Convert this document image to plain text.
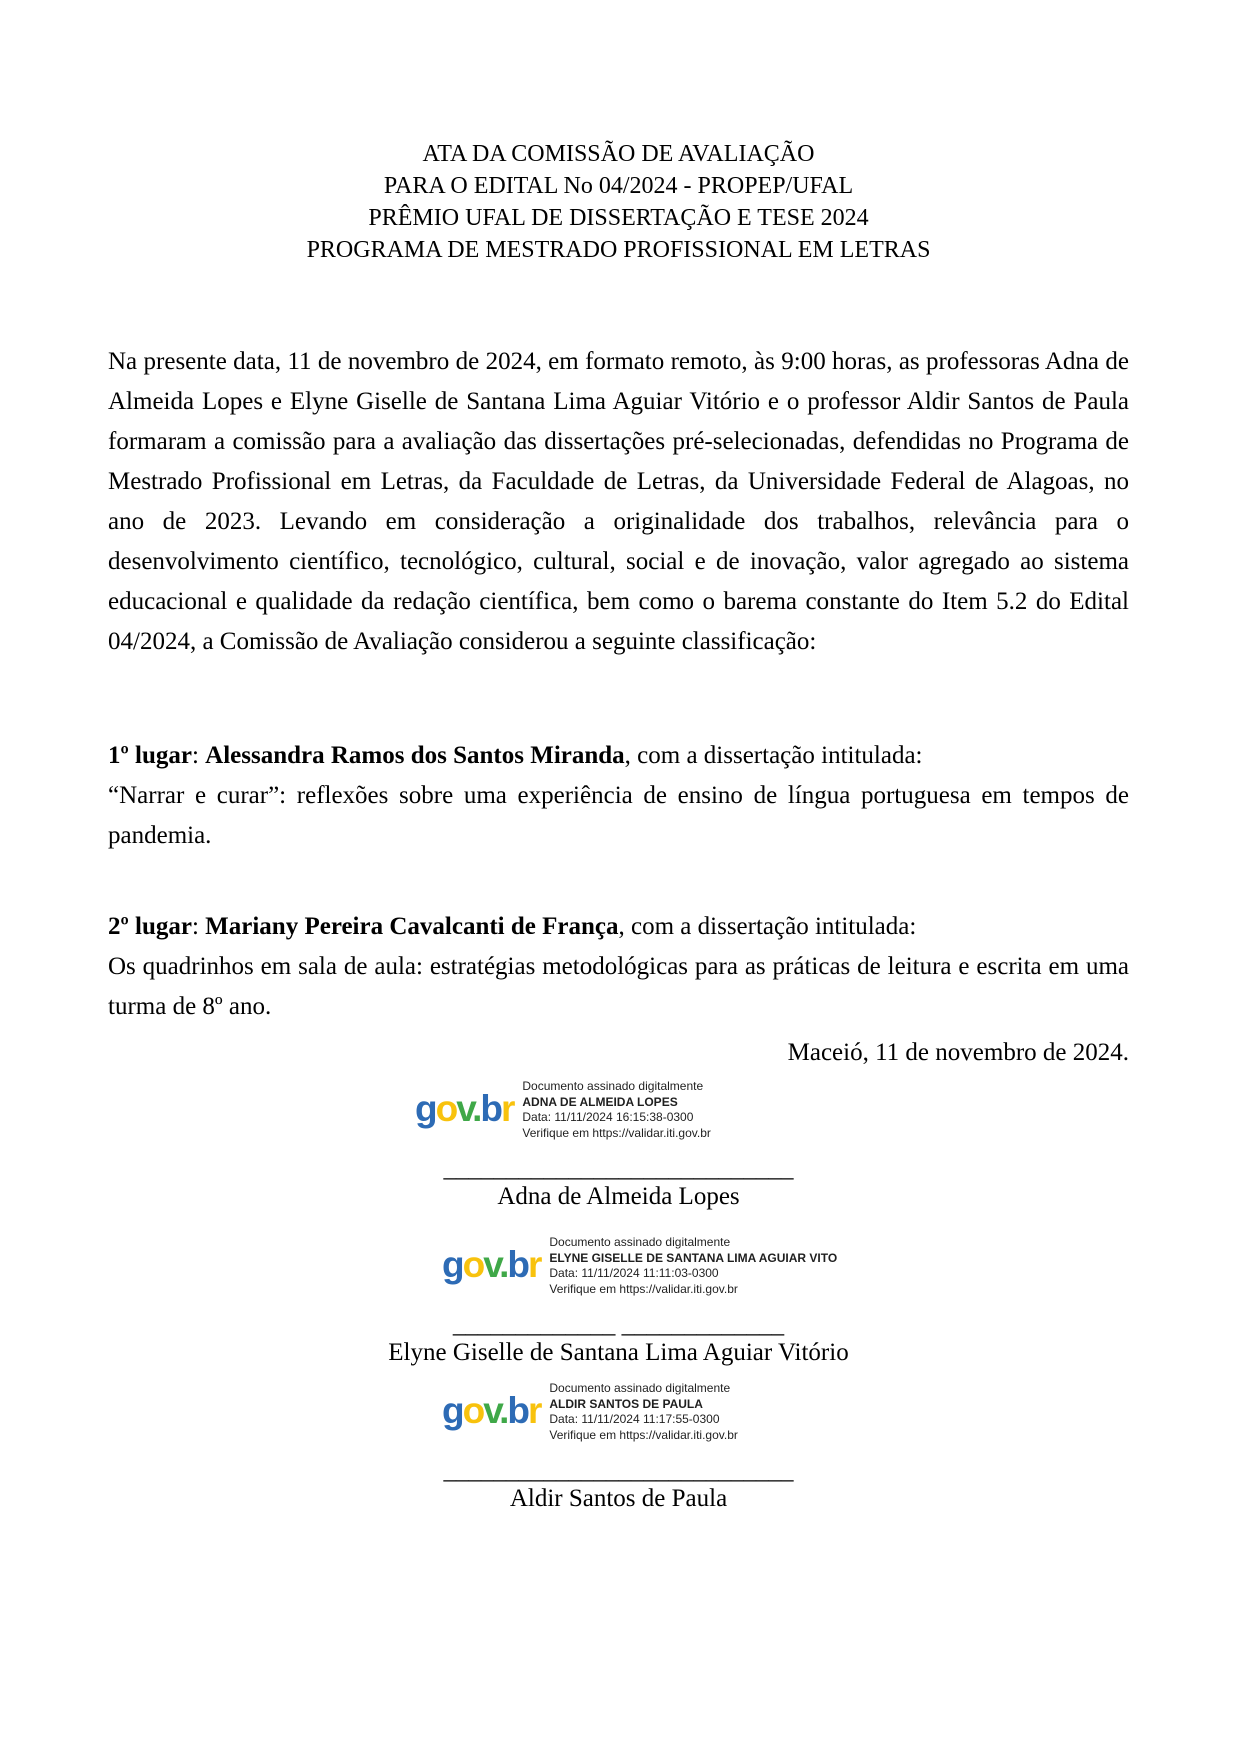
ATA DA COMISSÃO DE AVALIAÇÃO
PARA O EDITAL No 04/2024 - PROPEP/UFAL
PRÊMIO UFAL DE DISSERTAÇÃO E TESE 2024
PROGRAMA DE MESTRADO PROFISSIONAL EM LETRAS

Na presente data, 11 de novembro de 2024, em formato remoto, às 9:00 horas, as professoras Adna de Almeida Lopes e Elyne Giselle de Santana Lima Aguiar Vitório e o professor Aldir Santos de Paula formaram a comissão para a avaliação das dissertações pré-selecionadas, defendidas no Programa de Mestrado Profissional em Letras, da Faculdade de Letras, da Universidade Federal de Alagoas, no ano de 2023. Levando em consideração a originalidade dos trabalhos, relevância para o desenvolvimento científico, tecnológico, cultural, social e de inovação, valor agregado ao sistema educacional e qualidade da redação científica, bem como o barema constante do Item 5.2 do Edital 04/2024, a Comissão de Avaliação considerou a seguinte classificação:

1º lugar: Alessandra Ramos dos Santos Miranda, com a dissertação intitulada:

“Narrar e curar”: reflexões sobre uma experiência de ensino de língua portuguesa em tempos de pandemia.

2º lugar: Mariany Pereira Cavalcanti de França, com a dissertação intitulada:

Os quadrinhos em sala de aula: estratégias metodológicas para as práticas de leitura e escrita em uma turma de 8º ano.

Maceió, 11 de novembro de 2024.

gov.br
Documento assinado digitalmente
ADNA DE ALMEIDA LOPES
Data: 11/11/2024 16:15:38-0300
Verifique em https://validar.iti.gov.br
____________________________
Adna de Almeida Lopes
gov.br
Documento assinado digitalmente
ELYNE GISELLE DE SANTANA LIMA AGUIAR VITO
Data: 11/11/2024 11:11:03-0300
Verifique em https://validar.iti.gov.br
_____________ _____________
Elyne Giselle de Santana Lima Aguiar Vitório
gov.br
Documento assinado digitalmente
ALDIR SANTOS DE PAULA
Data: 11/11/2024 11:17:55-0300
Verifique em https://validar.iti.gov.br
____________________________
Aldir Santos de Paula
